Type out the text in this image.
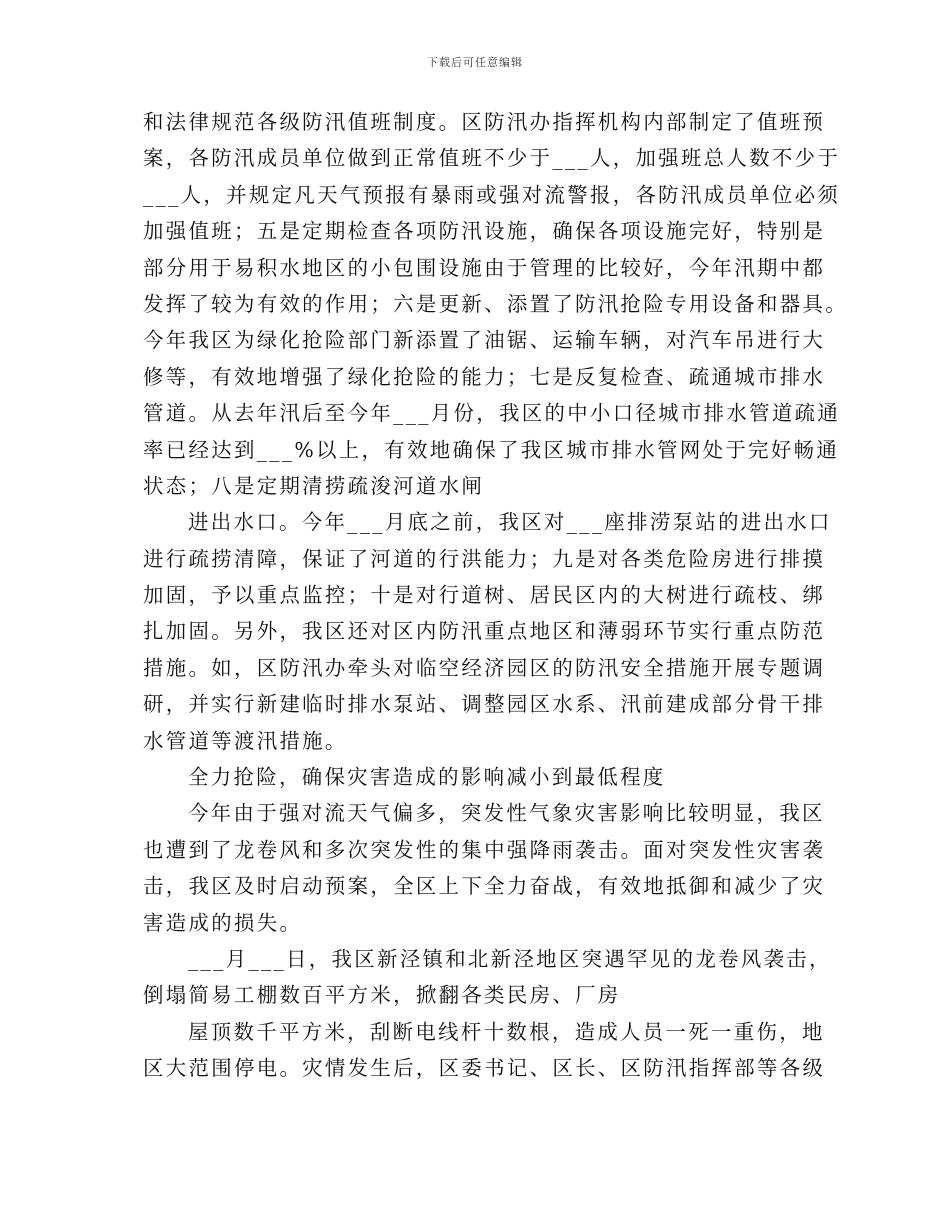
下载后可任意编辑
和法律规范各级防汛值班制度。区防汛办指挥机构内部制定了值班预
案，各防汛成员单位做到正常值班不少于___人，加强班总人数不少于
___人，并规定凡天气预报有暴雨或强对流警报，各防汛成员单位必须
加强值班；五是定期检查各项防汛设施，确保各项设施完好，特别是
部分用于易积水地区的小包围设施由于管理的比较好，今年汛期中都
发挥了较为有效的作用；六是更新、添置了防汛抢险专用设备和器具。
今年我区为绿化抢险部门新添置了油锯、运输车辆，对汽车吊进行大
修等，有效地增强了绿化抢险的能力；七是反复检查、疏通城市排水
管道。从去年汛后至今年___月份，我区的中小口径城市排水管道疏通
率已经达到___%以上，有效地确保了我区城市排水管网处于完好畅通
状态；八是定期清捞疏浚河道水闸
进出水口。今年___月底之前，我区对___座排涝泵站的进出水口
进行疏捞清障，保证了河道的行洪能力；九是对各类危险房进行排摸
加固，予以重点监控；十是对行道树、居民区内的大树进行疏枝、绑
扎加固。另外，我区还对区内防汛重点地区和薄弱环节实行重点防范
措施。如，区防汛办牵头对临空经济园区的防汛安全措施开展专题调
研，并实行新建临时排水泵站、调整园区水系、汛前建成部分骨干排
水管道等渡汛措施。
全力抢险，确保灾害造成的影响减小到最低程度
今年由于强对流天气偏多，突发性气象灾害影响比较明显，我区
也遭到了龙卷风和多次突发性的集中强降雨袭击。面对突发性灾害袭
击，我区及时启动预案，全区上下全力奋战，有效地抵御和减少了灾
害造成的损失。
___月___日，我区新泾镇和北新泾地区突遇罕见的龙卷风袭击，
倒塌简易工棚数百平方米，掀翻各类民房、厂房
屋顶数千平方米，刮断电线杆十数根，造成人员一死一重伤，地
区大范围停电。灾情发生后，区委书记、区长、区防汛指挥部等各级
